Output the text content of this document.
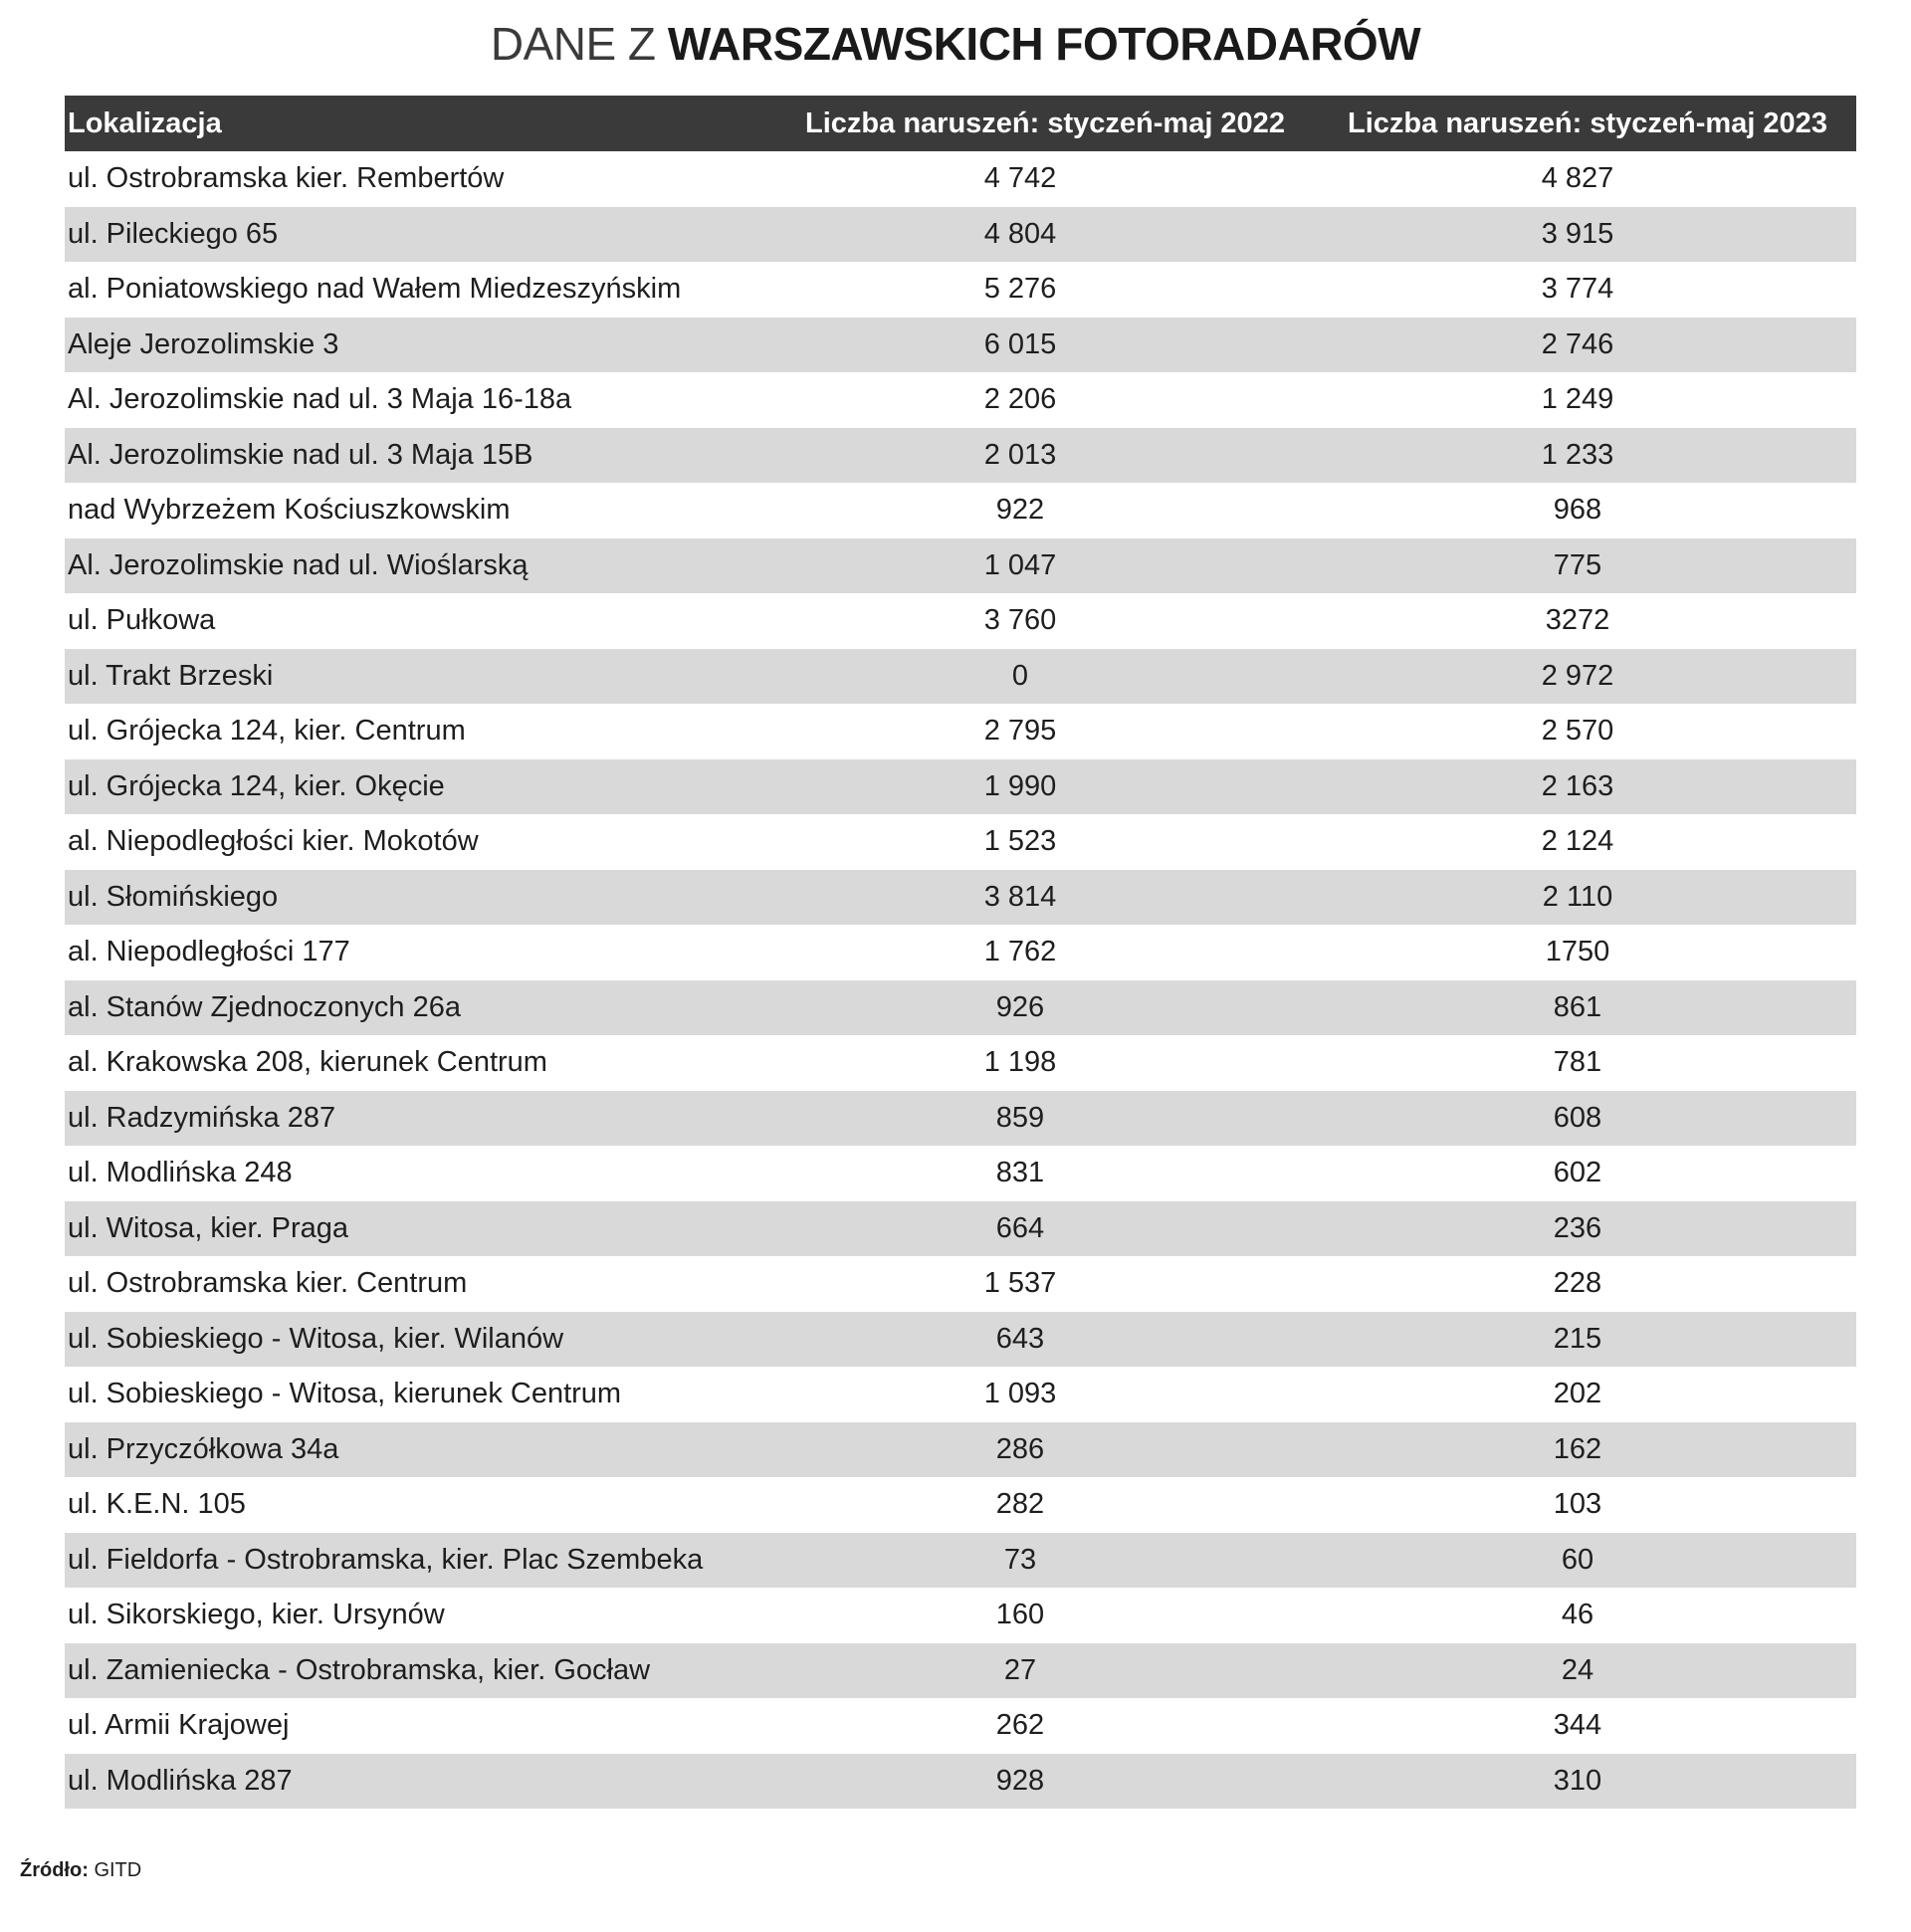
DANE Z WARSZAWSKICH FOTORADARÓW
Lokalizacja	Liczba naruszeń: styczeń-maj 2022	Liczba naruszeń: styczeń-maj 2023
ul. Ostrobramska kier. Rembertów	4 742	4 827
ul. Pileckiego 65	4 804	3 915
al. Poniatowskiego nad Wałem Miedzeszyńskim	5 276	3 774
Aleje Jerozolimskie 3	6 015	2 746
Al. Jerozolimskie nad ul. 3 Maja 16-18a	2 206	1 249
Al. Jerozolimskie nad ul. 3 Maja 15B	2 013	1 233
nad Wybrzeżem Kościuszkowskim	922	968
Al. Jerozolimskie nad ul. Wioślarską	1 047	775
ul. Pułkowa	3 760	3272
ul. Trakt Brzeski	0	2 972
ul. Grójecka 124, kier. Centrum	2 795	2 570
ul. Grójecka 124, kier. Okęcie	1 990	2 163
al. Niepodległości kier. Mokotów	1 523	2 124
ul. Słomińskiego	3 814	2 110
al. Niepodległości 177	1 762	1750
al. Stanów Zjednoczonych 26a	926	861
al. Krakowska 208, kierunek Centrum	1 198	781
ul. Radzymińska 287	859	608
ul. Modlińska 248	831	602
ul. Witosa, kier. Praga	664	236
ul. Ostrobramska kier. Centrum	1 537	228
ul. Sobieskiego - Witosa, kier. Wilanów	643	215
ul. Sobieskiego - Witosa, kierunek Centrum	1 093	202
ul. Przyczółkowa 34a	286	162
ul. K.E.N. 105	282	103
ul. Fieldorfa - Ostrobramska, kier. Plac Szembeka	73	60
ul. Sikorskiego, kier. Ursynów	160	46
ul. Zamieniecka - Ostrobramska, kier. Gocław	27	24
ul. Armii Krajowej	262	344
ul. Modlińska 287	928	310
Źródło: GITD
